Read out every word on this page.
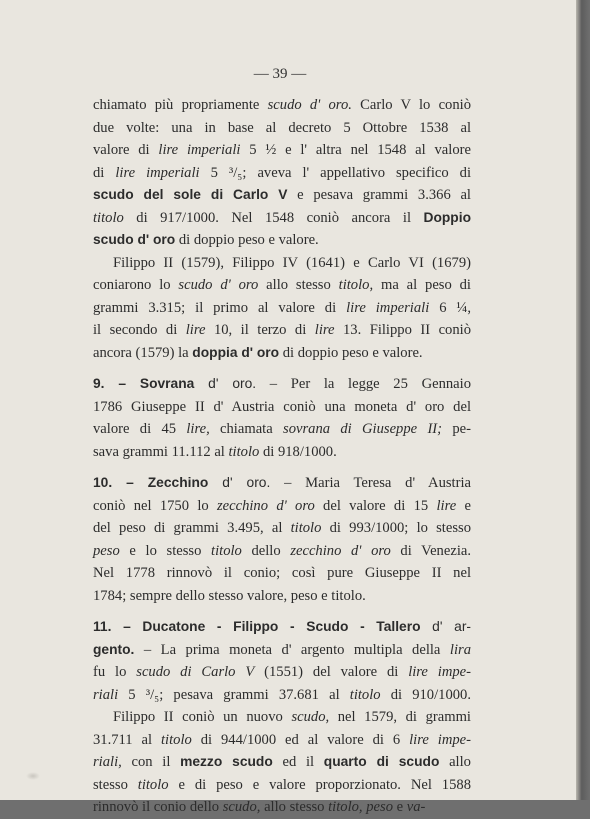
— 39 —
chiamato più propriamente scudo d' oro. Carlo V lo coniò
due volte: una in base al decreto 5 Ottobre 1538 al
valore di lire imperiali 5 ½ e l' altra nel 1548 al valore
di lire imperiali 5 ³/₅; aveva l' appellativo specifico di
scudo del sole di Carlo V e pesava grammi 3.366 al
titolo di 917/1000. Nel 1548 coniò ancora il Doppio
scudo d' oro di doppio peso e valore.
Filippo II (1579), Filippo IV (1641) e Carlo VI (1679)
coniarono lo scudo d' oro allo stesso titolo, ma al peso di
grammi 3.315; il primo al valore di lire imperiali 6 ¼,
il secondo di lire 10, il terzo di lire 13. Filippo II coniò
ancora (1579) la doppia d' oro di doppio peso e valore.
9. – Sovrana d' oro. – Per la legge 25 Gennaio
1786 Giuseppe II d' Austria coniò una moneta d' oro del
valore di 45 lire, chiamata sovrana di Giuseppe II; pe-
sava grammi 11.112 al titolo di 918/1000.
10. – Zecchino d' oro. – Maria Teresa d' Austria
coniò nel 1750 lo zecchino d' oro del valore di 15 lire e
del peso di grammi 3.495, al titolo di 993/1000; lo stesso
peso e lo stesso titolo dello zecchino d' oro di Venezia.
Nel 1778 rinnovò il conio; così pure Giuseppe II nel
1784; sempre dello stesso valore, peso e titolo.
11. – Ducatone - Filippo - Scudo - Tallero d' ar-
gento. – La prima moneta d' argento multipla della lira
fu lo scudo di Carlo V (1551) del valore di lire impe-
riali 5 ³/₅; pesava grammi 37.681 al titolo di 910/1000.
Filippo II coniò un nuovo scudo, nel 1579, di grammi
31.711 al titolo di 944/1000 ed al valore di 6 lire impe-
riali, con il mezzo scudo ed il quarto di scudo allo
stesso titolo e di peso e valore proporzionato. Nel 1588
rinnovò il conio dello scudo, allo stesso titolo, peso e va-
